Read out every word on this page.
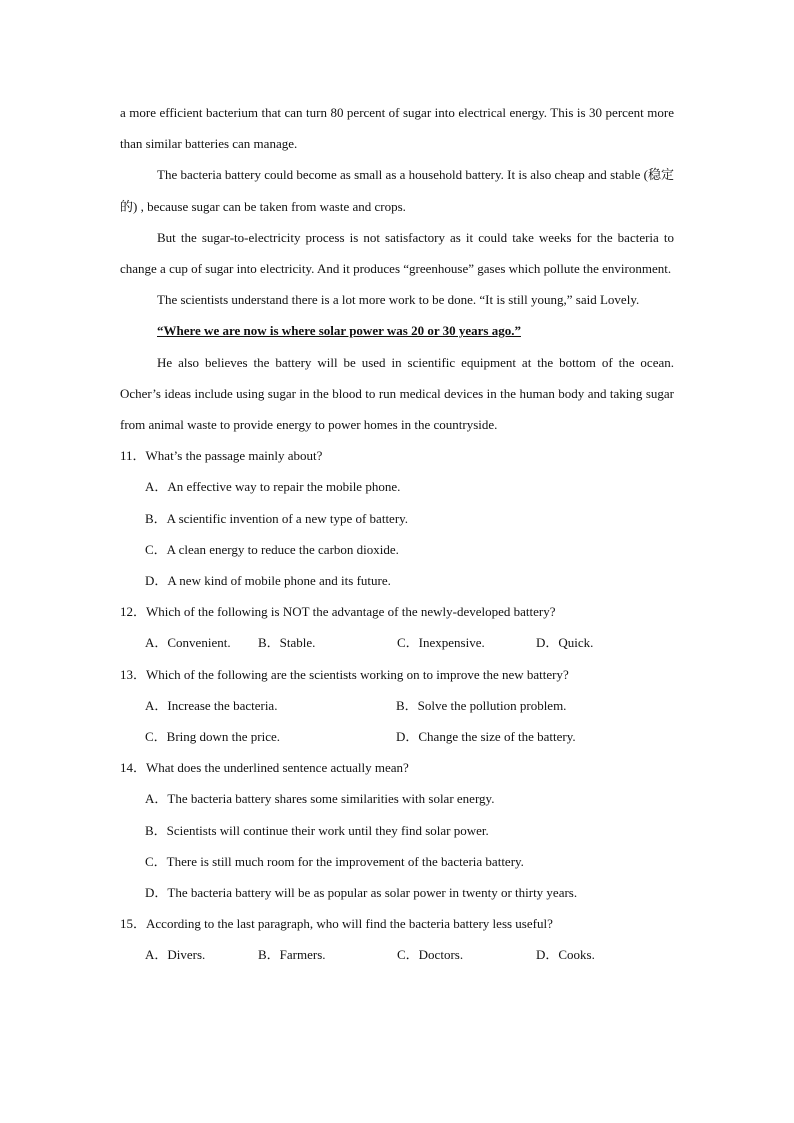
a more efficient bacterium that can turn 80 percent of sugar into electrical energy. This is 30 percent more than similar batteries can manage.

The bacteria battery could become as small as a household battery. It is also cheap and stable (稳定的) , because sugar can be taken from waste and crops.

But the sugar-to-electricity process is not satisfactory as it could take weeks for the bacteria to change a cup of sugar into electricity. And it produces “greenhouse” gases which pollute the environment.

The scientists understand there is a lot more work to be done. “It is still young,” said Lovely.

“Where we are now is where solar power was 20 or 30 years ago.”

He also believes the battery will be used in scientific equipment at the bottom of the ocean. Ocher’s ideas include using sugar in the blood to run medical devices in the human body and taking sugar from animal waste to provide energy to power homes in the countryside.

11．What’s the passage mainly about?

A．An effective way to repair the mobile phone.

B．A scientific invention of a new type of battery.

C．A clean energy to reduce the carbon dioxide.

D．A new kind of mobile phone and its future.

12．Which of the following is NOT the advantage of the newly-developed battery?

A．Convenient.	B．Stable.	C．Inexpensive.	D．Quick.

13．Which of the following are the scientists working on to improve the new battery?

A．Increase the bacteria.	B．Solve the pollution problem.
C．Bring down the price.	D．Change the size of the battery.

14．What does the underlined sentence actually mean?

A．The bacteria battery shares some similarities with solar energy.

B．Scientists will continue their work until they find solar power.

C．There is still much room for the improvement of the bacteria battery.

D．The bacteria battery will be as popular as solar power in twenty or thirty years.

15．According to the last paragraph, who will find the bacteria battery less useful?

A．Divers.	B．Farmers.	C．Doctors.	D．Cooks.
